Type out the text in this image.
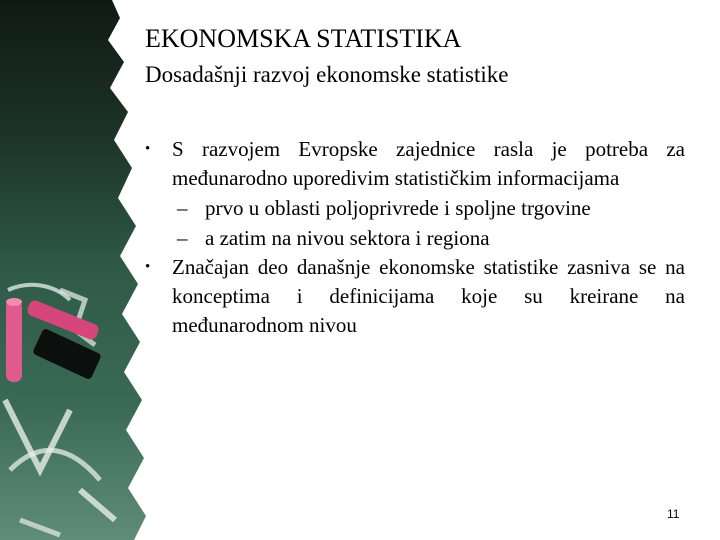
EKONOMSKA STATISTIKA
Dosadašnji razvoj ekonomske statistike
• S razvojem Evropske zajednice rasla je potreba za međunarodno uporedivim statističkim informacijama
– prvo u oblasti poljoprivrede i spoljne trgovine
– a zatim na nivou sektora i regiona
• Značajan deo današnje ekonomske statistike zasniva se na konceptima i definicijama koje su kreirane na međunarodnom nivou
11
